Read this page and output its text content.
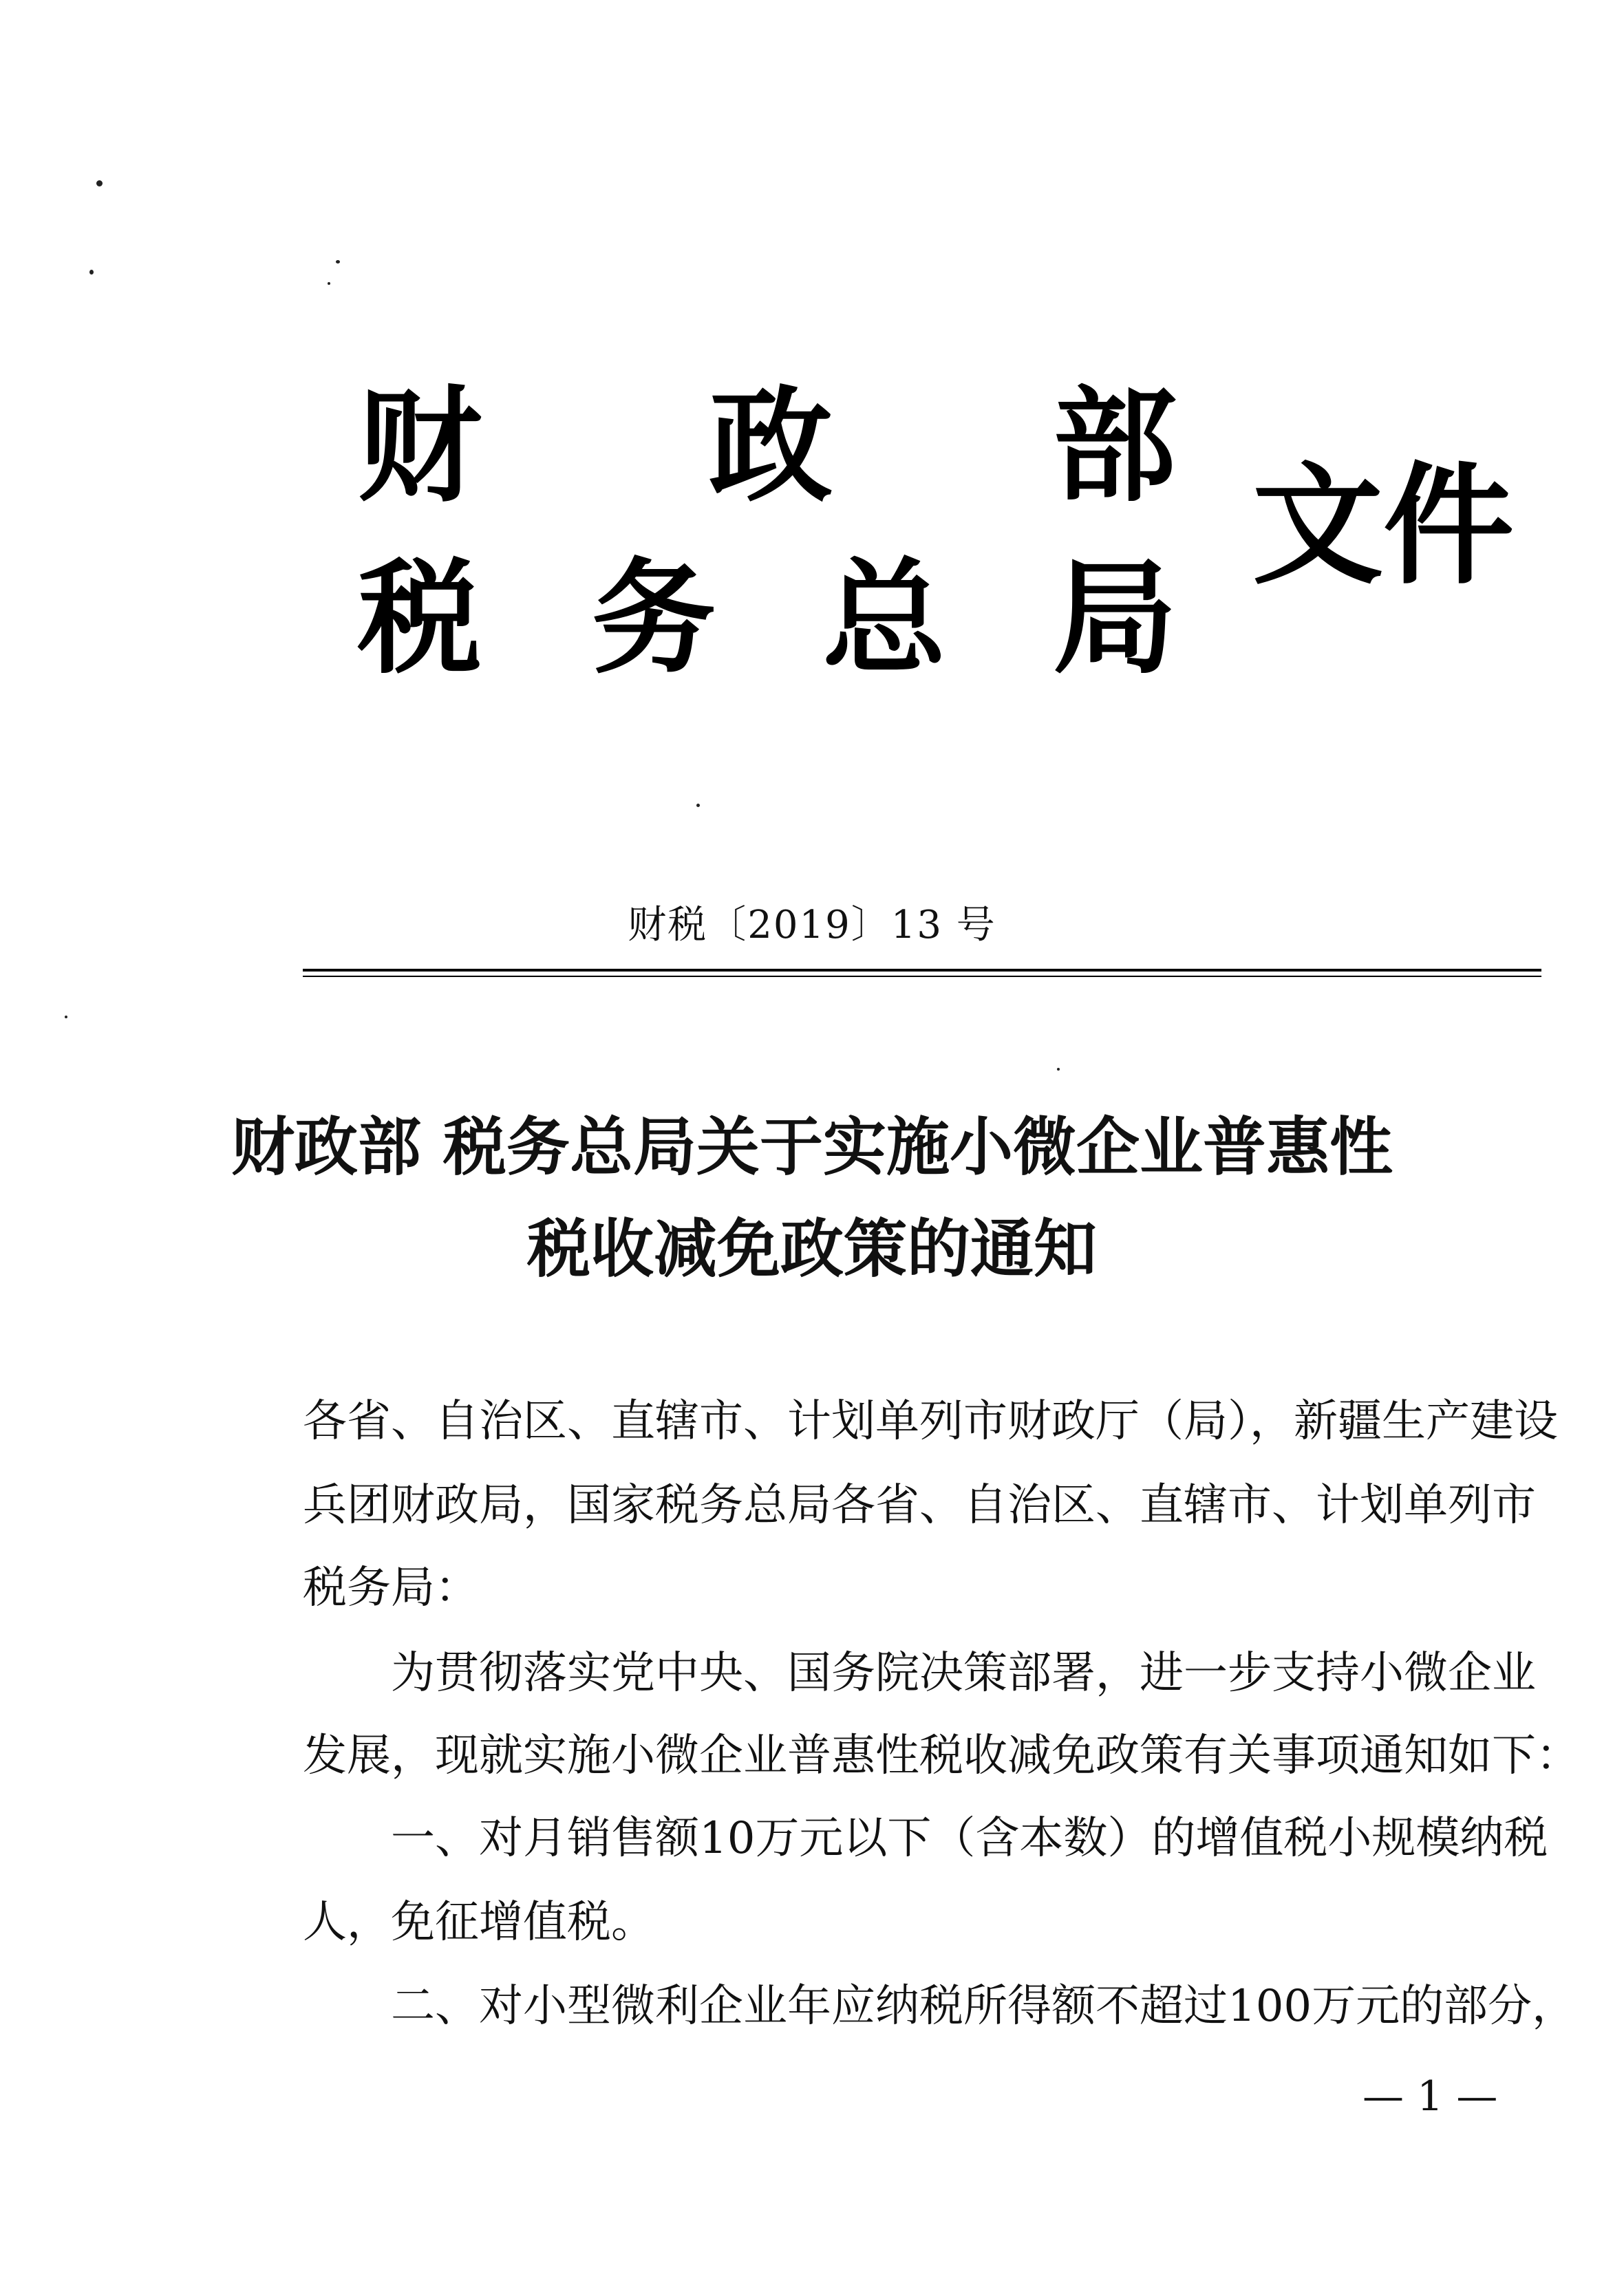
财 政 部
税 务 总 局
文件
财税〔2019〕13 号
财政部 税务总局关于实施小微企业普惠性
税收减免政策的通知
各省、自治区、直辖市、计划单列市财政厅（局），新疆生产建设
兵团财政局，国家税务总局各省、自治区、直辖市、计划单列市
税务局：
为贯彻落实党中央、国务院决策部署，进一步支持小微企业
发展，现就实施小微企业普惠性税收减免政策有关事项通知如下：
一、对月销售额10万元以下（含本数）的增值税小规模纳税
人，免征增值税。
二、对小型微利企业年应纳税所得额不超过100万元的部分，
— 1 —
